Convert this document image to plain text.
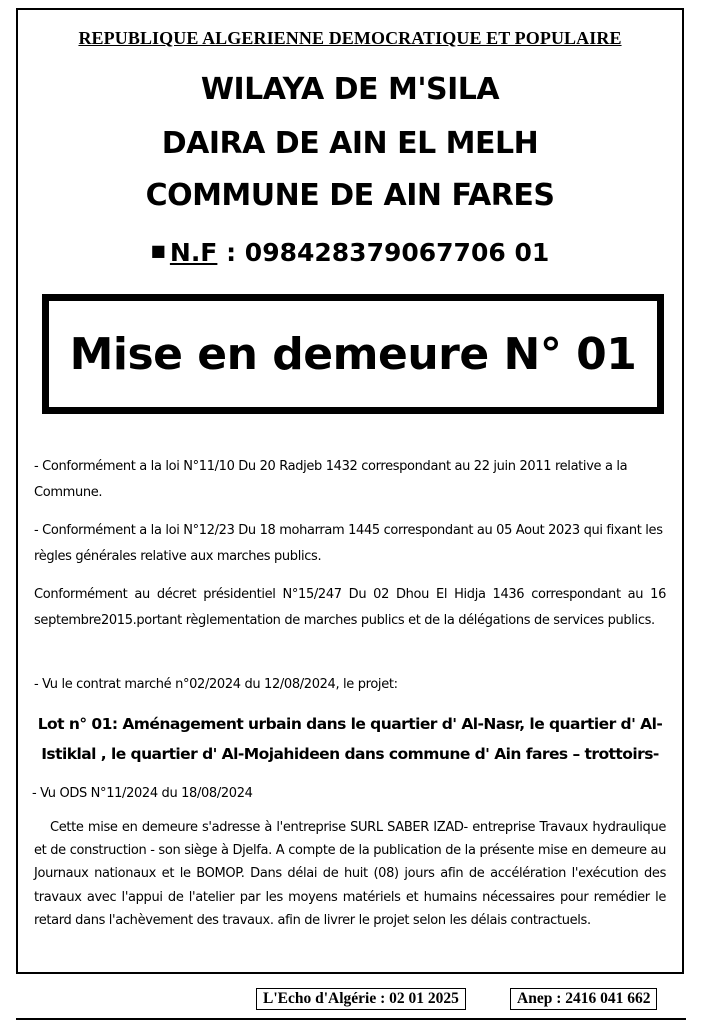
REPUBLIQUE ALGERIENNE DEMOCRATIQUE ET POPULAIRE
WILAYA DE M'SILA
DAIRA DE AIN EL MELH
COMMUNE DE AIN FARES
■ N.F : 098428379067706 01
Mise en demeure N° 01
- Conformément a la loi N°11/10 Du 20 Radjeb 1432 correspondant au 22 juin 2011 relative a la Commune.
- Conformément a la loi N°12/23 Du 18 moharram 1445 correspondant au 05 Aout 2023 qui fixant les règles générales relative aux marches publics.
Conformément au décret présidentiel N°15/247 Du 02 Dhou El Hidja 1436 correspondant au 16 septembre2015.portant règlementation de marches publics et de la délégations de services publics.
- Vu le contrat marché n°02/2024 du 12/08/2024, le projet:
Lot n° 01: Aménagement urbain dans le quartier d' Al-Nasr, le quartier d' Al-Istiklal , le quartier d' Al-Mojahideen dans commune d' Ain fares – trottoirs-
- Vu ODS N°11/2024 du 18/08/2024
Cette mise en demeure s'adresse à l'entreprise SURL SABER IZAD- entreprise Travaux hydraulique et de construction - son siège à Djelfa. A compte de la publication de la présente mise en demeure au Journaux nationaux et le BOMOP. Dans délai de huit (08) jours afin de accélération l'exécution des travaux avec l'appui de l'atelier par les moyens matériels et humains nécessaires pour remédier le retard dans l'achèvement des travaux. afin de livrer le projet selon les délais contractuels.
L'Echo d'Algérie : 02 01 2025	Anep : 2416 041 662
